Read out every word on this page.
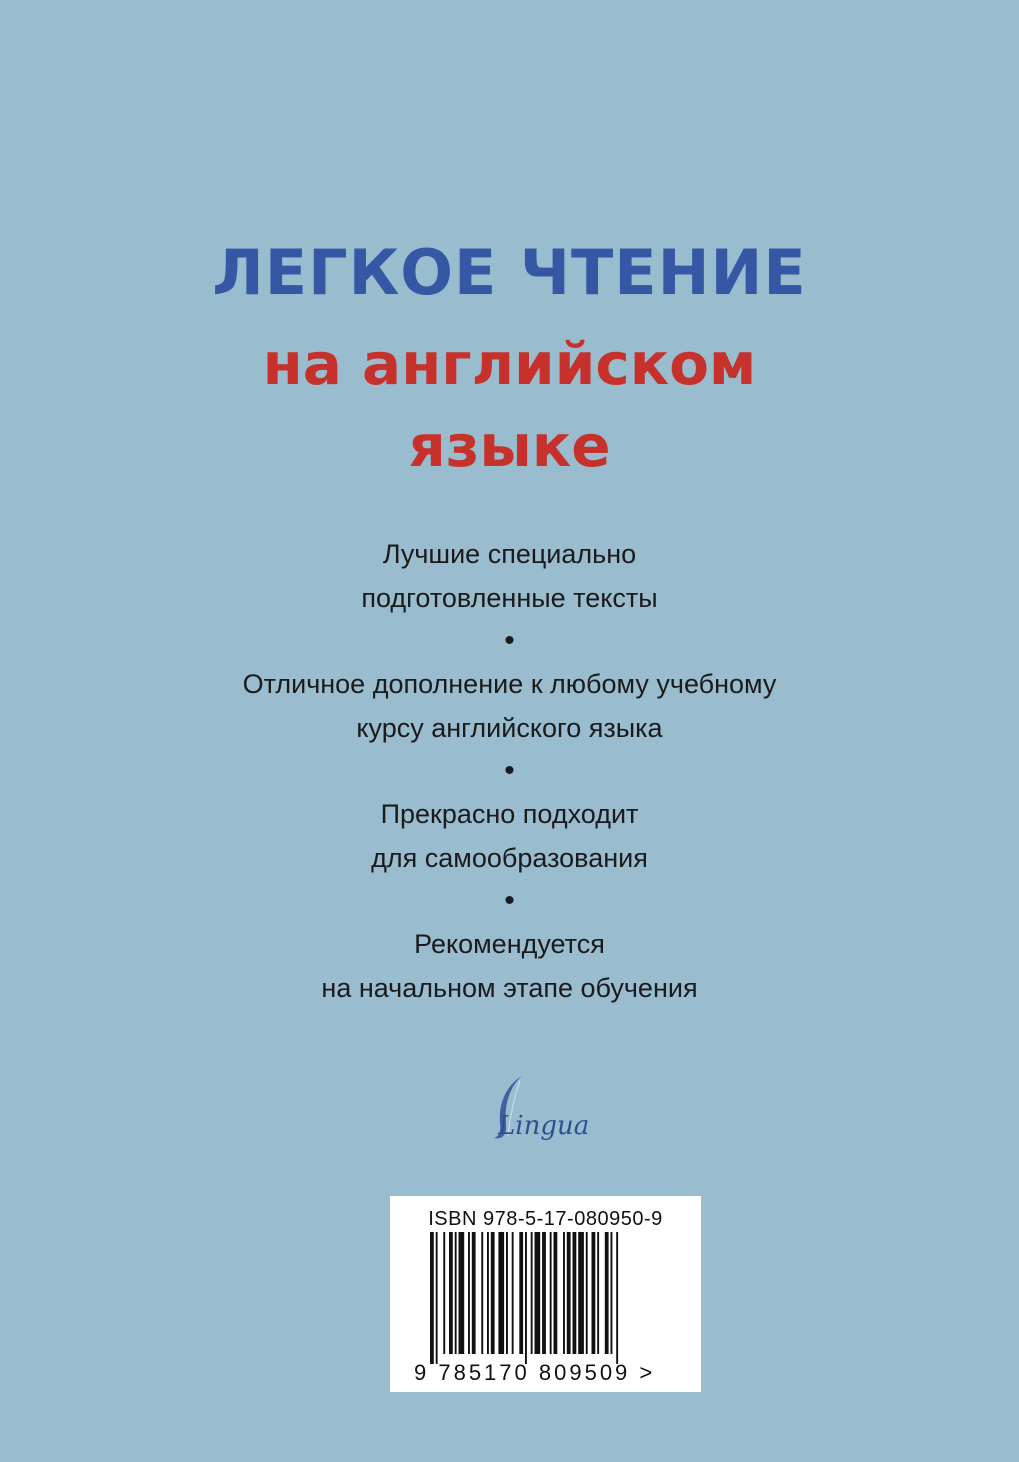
ЛЕГКОЕ ЧТЕНИЕ
на английском
языке

Лучшие специально

подготовленные тексты

•

Отличное дополнение к любому учебному

курсу английского языка

•

Прекрасно подходит

для самообразования

•

Рекомендуется

на начальном этапе обучения

Lingua
ISBN 978-5-17-080950-9
9 785170 809509 >
